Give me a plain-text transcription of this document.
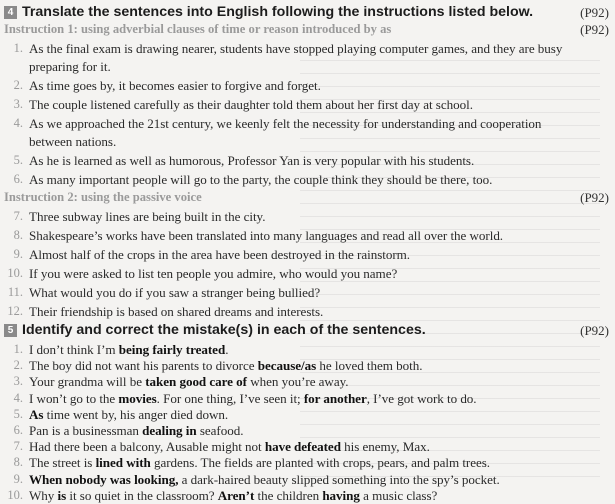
4 Translate the sentences into English following the instructions listed below.	(P92)
Instruction 1: using adverbial clauses of time or reason introduced by as	(P92)
1. As the final exam is drawing nearer, students have stopped playing computer games, and they are busy
preparing for it.
2. As time goes by, it becomes easier to forgive and forget.
3. The couple listened carefully as their daughter told them about her first day at school.
4. As we approached the 21st century, we keenly felt the necessity for understanding and cooperation
between nations.
5. As he is learned as well as humorous, Professor Yan is very popular with his students.
6. As many important people will go to the party, the couple think they should be there, too.
Instruction 2: using the passive voice	(P92)
7. Three subway lines are being built in the city.
8. Shakespeare’s works have been translated into many languages and read all over the world.
9. Almost half of the crops in the area have been destroyed in the rainstorm.
10. If you were asked to list ten people you admire, who would you name?
11. What would you do if you saw a stranger being bullied?
12. Their friendship is based on shared dreams and interests.
5 Identify and correct the mistake(s) in each of the sentences.	(P92)
1. I don’t think I’m being fairly treated.
2. The boy did not want his parents to divorce because/as he loved them both.
3. Your grandma will be taken good care of when you’re away.
4. I won’t go to the movies. For one thing, I’ve seen it; for another, I’ve got work to do.
5. As time went by, his anger died down.
6. Pan is a businessman dealing in seafood.
7. Had there been a balcony, Ausable might not have defeated his enemy, Max.
8. The street is lined with gardens. The fields are planted with crops, pears, and palm trees.
9. When nobody was looking, a dark-haired beauty slipped something into the spy’s pocket.
10. Why is it so quiet in the classroom? Aren’t the children having a music class?
